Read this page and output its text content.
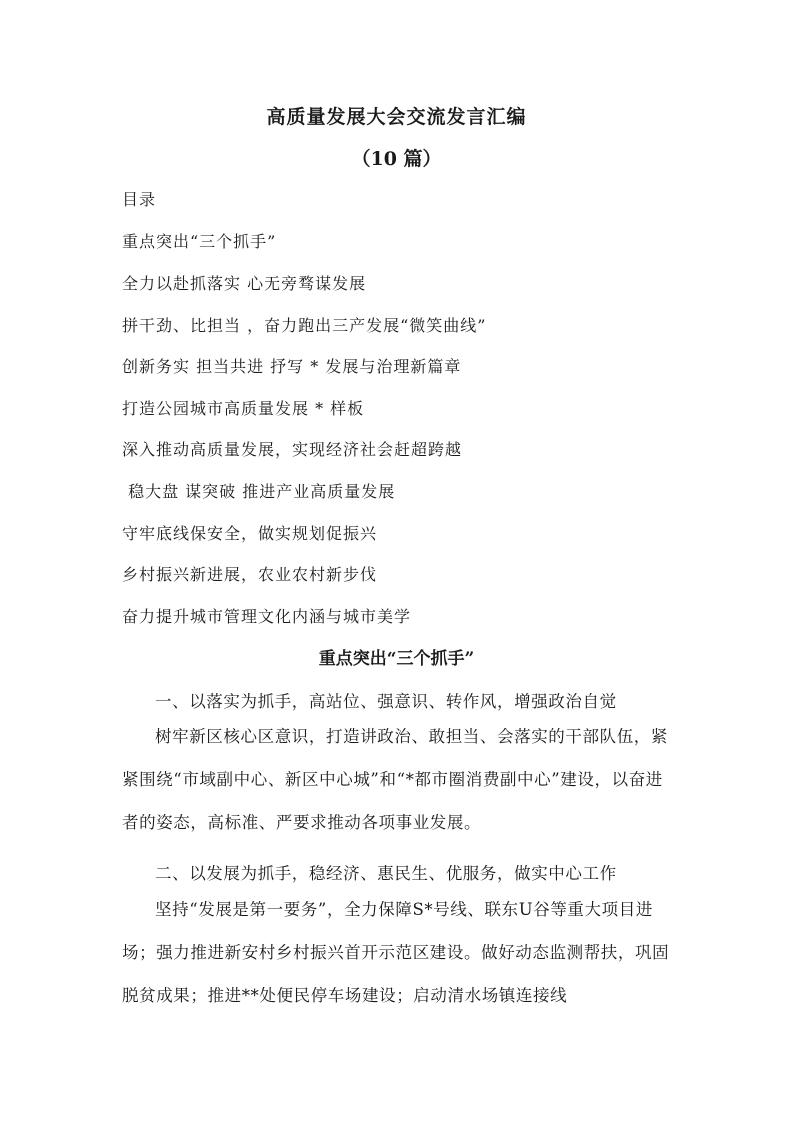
高质量发展大会交流发言汇编
（10 篇）
目录
重点突出“三个抓手”
全力以赴抓落实 心无旁骛谋发展
拼干劲、比担当 ，奋力跑出三产发展“微笑曲线”
创新务实 担当共进 抒写 * 发展与治理新篇章
打造公园城市高质量发展 * 样板
深入推动高质量发展，实现经济社会赶超跨越
稳大盘 谋突破 推进产业高质量发展
守牢底线保安全，做实规划促振兴
乡村振兴新进展，农业农村新步伐
奋力提升城市管理文化内涵与城市美学
重点突出“三个抓手”
一、以落实为抓手，高站位、强意识、转作风，增强政治自觉
树牢新区核心区意识，打造讲政治、敢担当、会落实的干部队伍，紧紧围绕“市域副中心、新区中心城”和“*都市圈消费副中心”建设，以奋进者的姿态，高标准、严要求推动各项事业发展。
二、以发展为抓手，稳经济、惠民生、优服务，做实中心工作
坚持“发展是第一要务”，全力保障S*号线、联东U谷等重大项目进场；强力推进新安村乡村振兴首开示范区建设。做好动态监测帮扶，巩固脱贫成果；推进**处便民停车场建设；启动清水场镇连接线
